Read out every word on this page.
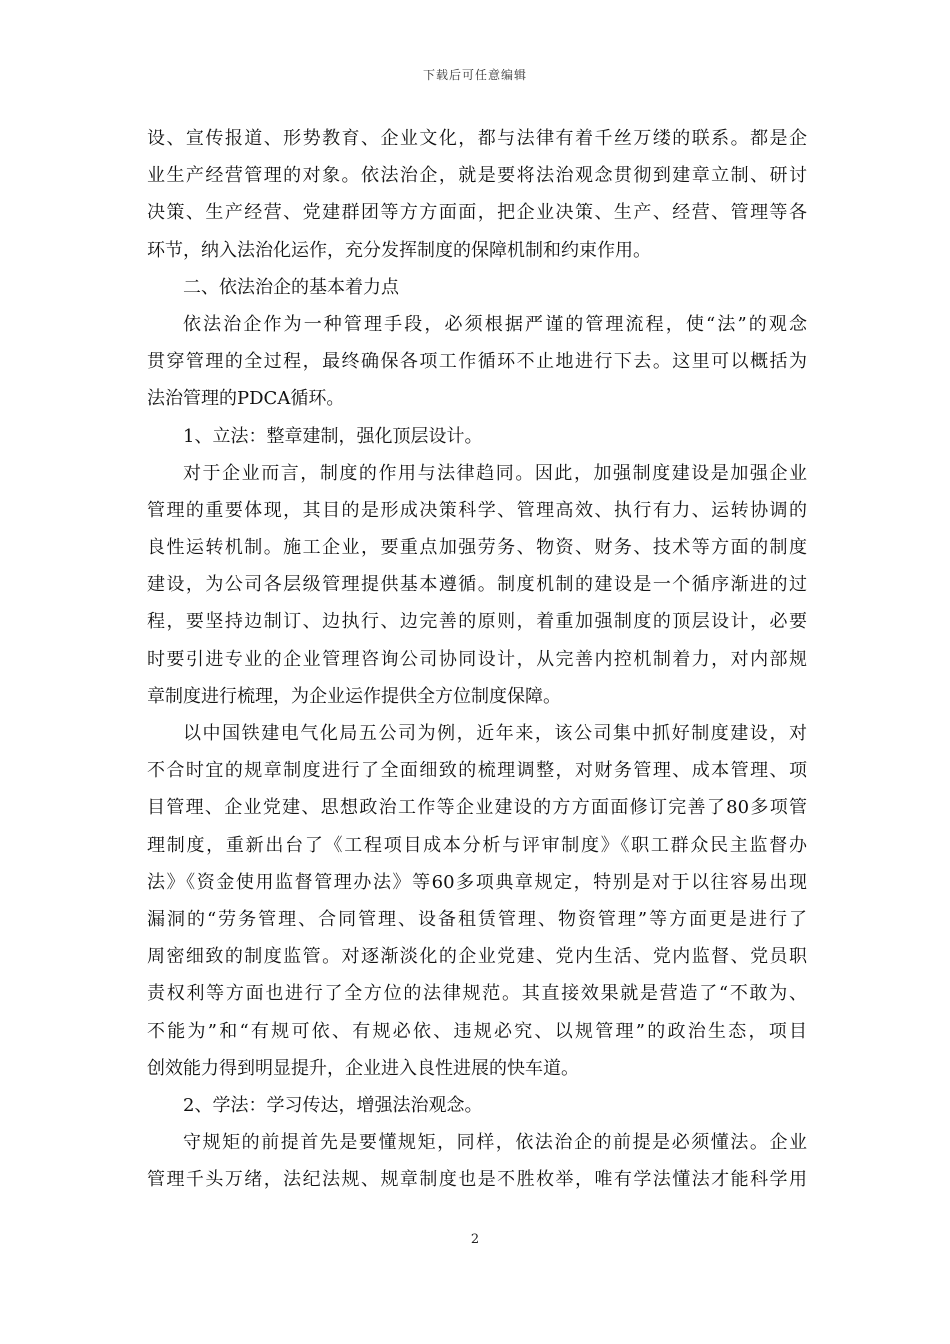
下载后可任意编辑
设、宣传报道、形势教育、企业文化，都与法律有着千丝万缕的联系。都是企
业生产经营管理的对象。依法治企，就是要将法治观念贯彻到建章立制、研讨
决策、生产经营、党建群团等方方面面，把企业决策、生产、经营、管理等各
环节，纳入法治化运作，充分发挥制度的保障机制和约束作用。
二、依法治企的基本着力点
依法治企作为一种管理手段，必须根据严谨的管理流程，使“法”的观念
贯穿管理的全过程，最终确保各项工作循环不止地进行下去。这里可以概括为
法治管理的PDCA循环。
1、立法：整章建制，强化顶层设计。
对于企业而言，制度的作用与法律趋同。因此，加强制度建设是加强企业
管理的重要体现，其目的是形成决策科学、管理高效、执行有力、运转协调的
良性运转机制。施工企业，要重点加强劳务、物资、财务、技术等方面的制度
建设，为公司各层级管理提供基本遵循。制度机制的建设是一个循序渐进的过
程，要坚持边制订、边执行、边完善的原则，着重加强制度的顶层设计，必要
时要引进专业的企业管理咨询公司协同设计，从完善内控机制着力，对内部规
章制度进行梳理，为企业运作提供全方位制度保障。
以中国铁建电气化局五公司为例，近年来，该公司集中抓好制度建设，对
不合时宜的规章制度进行了全面细致的梳理调整，对财务管理、成本管理、项
目管理、企业党建、思想政治工作等企业建设的方方面面修订完善了80多项管
理制度，重新出台了《工程项目成本分析与评审制度》《职工群众民主监督办
法》《资金使用监督管理办法》等60多项典章规定，特别是对于以往容易出现
漏洞的“劳务管理、合同管理、设备租赁管理、物资管理”等方面更是进行了
周密细致的制度监管。对逐渐淡化的企业党建、党内生活、党内监督、党员职
责权利等方面也进行了全方位的法律规范。其直接效果就是营造了“不敢为、
不能为”和“有规可依、有规必依、违规必究、以规管理”的政治生态，项目
创效能力得到明显提升，企业进入良性进展的快车道。
2、学法：学习传达，增强法治观念。
守规矩的前提首先是要懂规矩，同样，依法治企的前提是必须懂法。企业
管理千头万绪，法纪法规、规章制度也是不胜枚举，唯有学法懂法才能科学用
2
